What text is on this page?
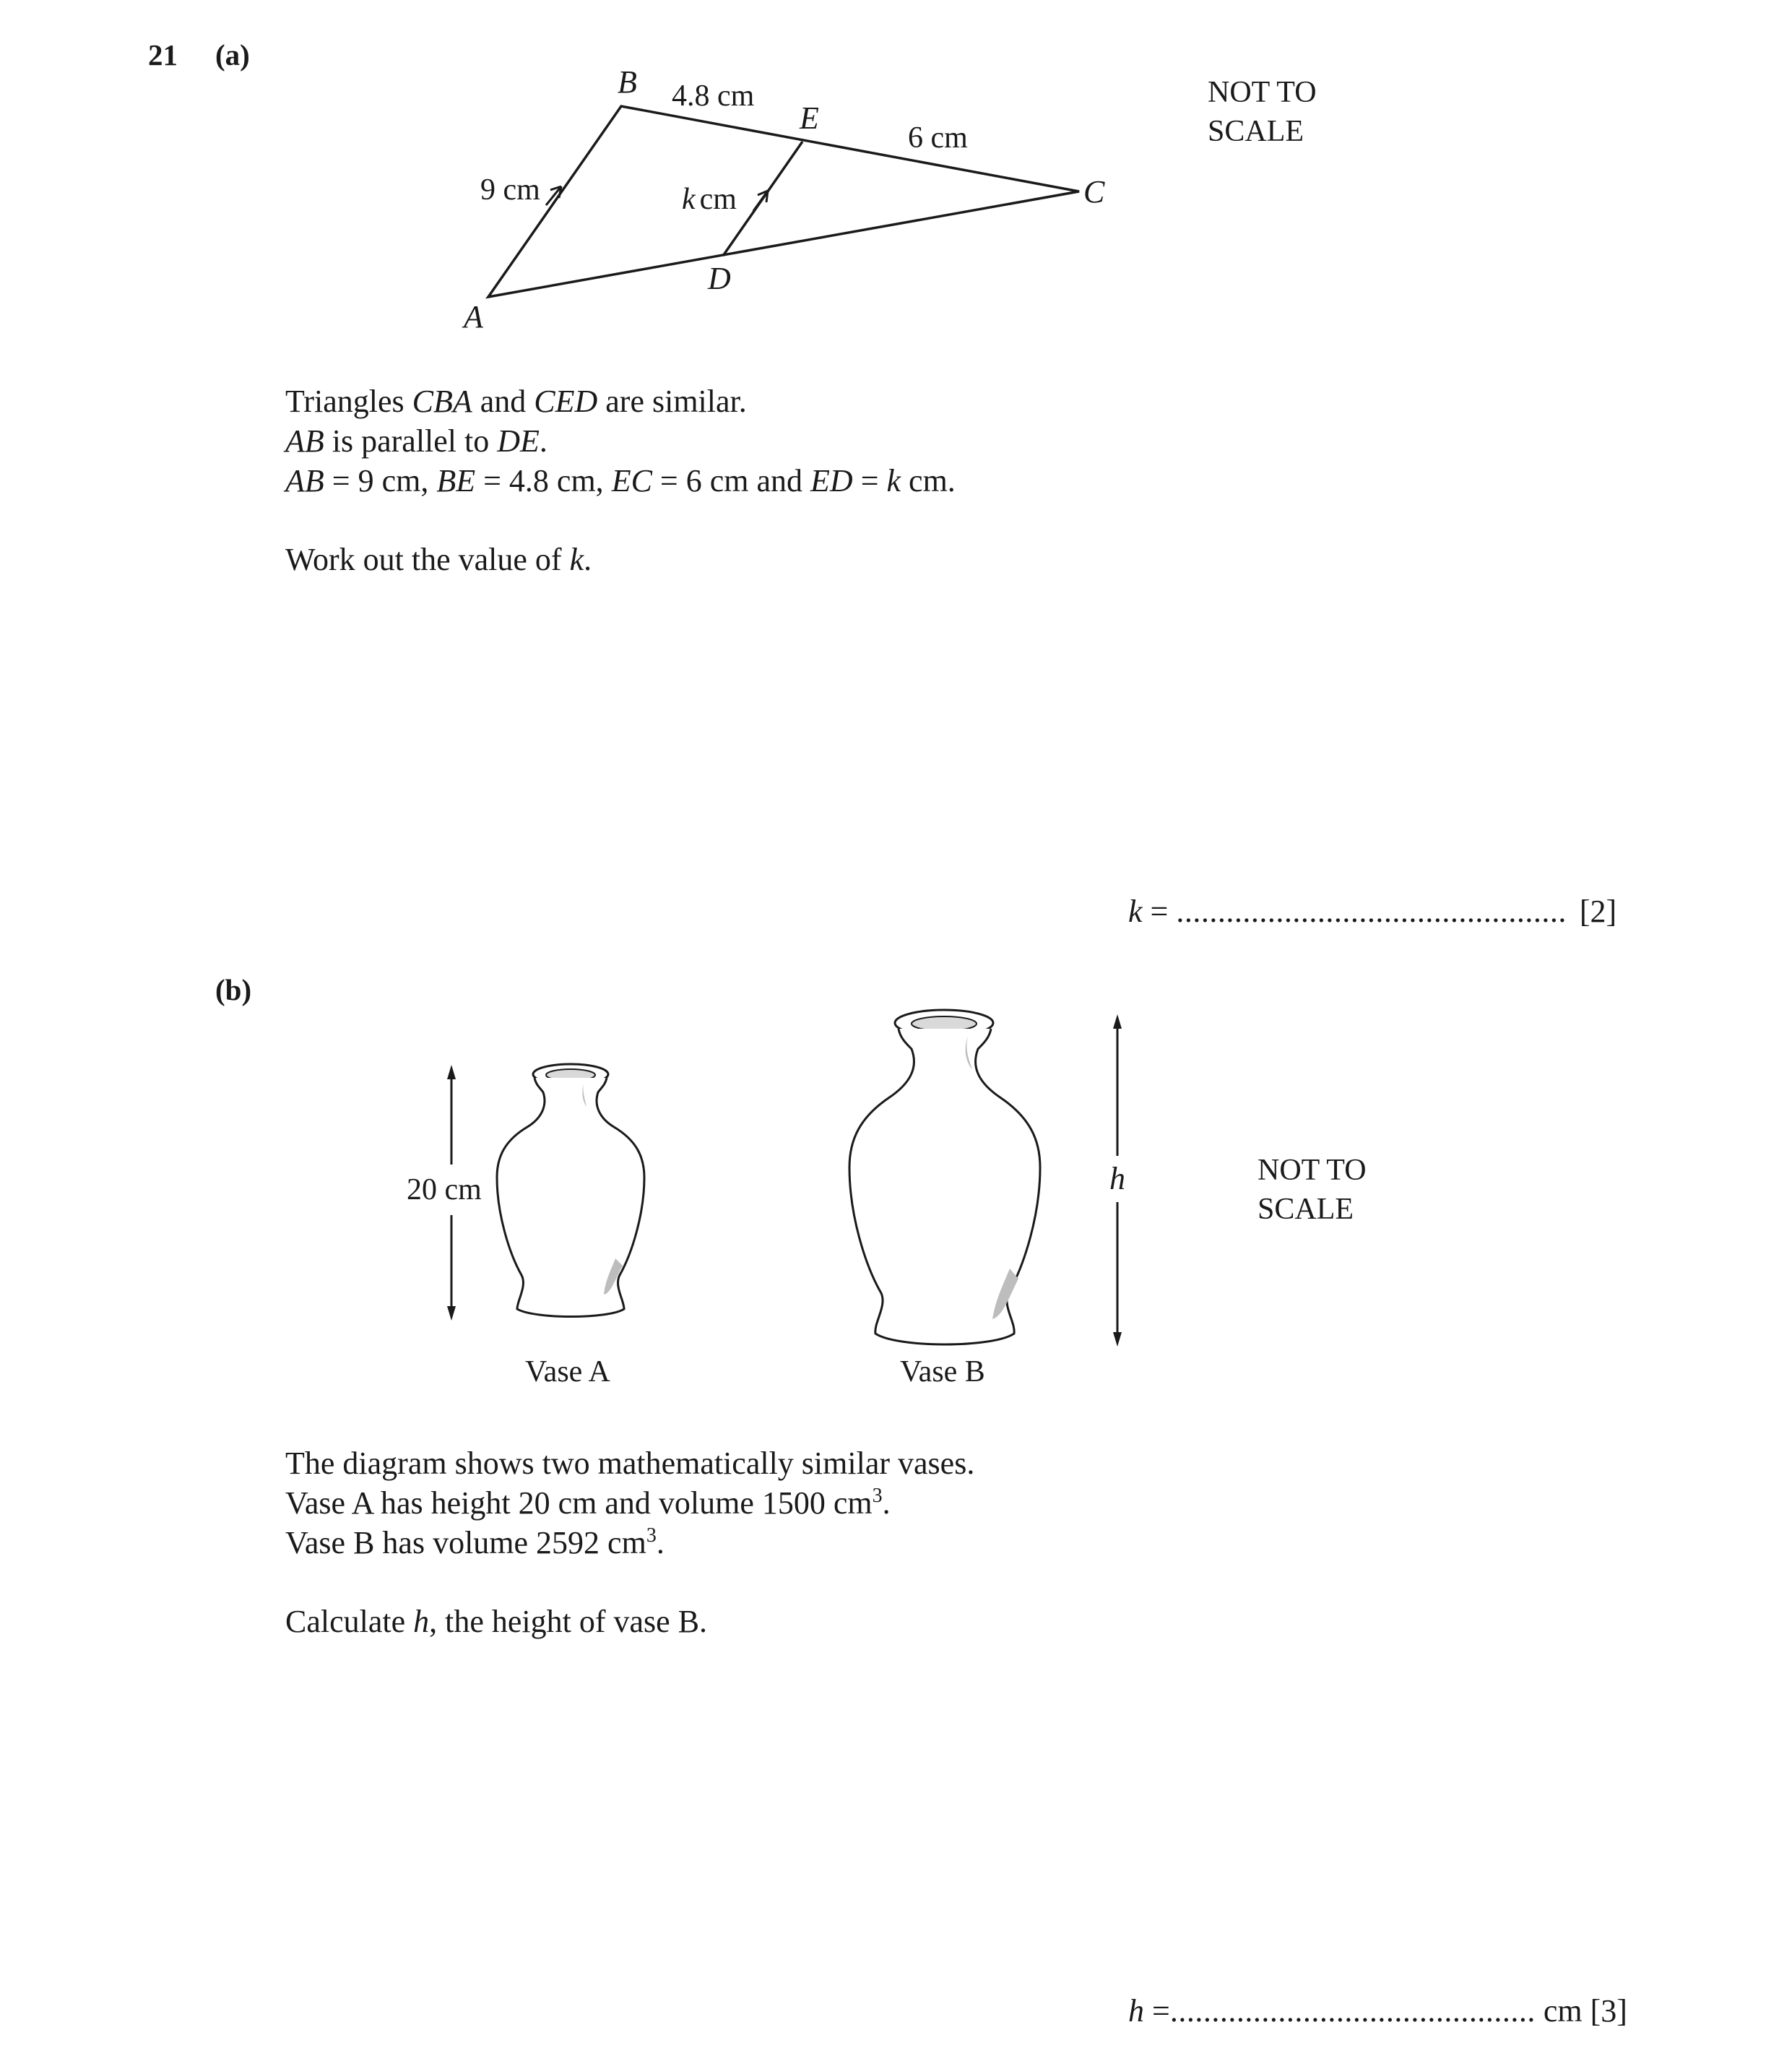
21 (a)
B
E
C
D
A
4.8 cm
6 cm
9 cm	k cm
NOT TO
SCALE
Triangles CBA and CED are similar.
AB is parallel to DE.
AB = 9 cm, BE = 4.8 cm, EC = 6 cm and ED = k cm.
Work out the value of k.
k = ............................................... [2]
(b)
20 cm
Vase A	Vase B
h	NOT TO
SCALE
The diagram shows two mathematically similar vases.
Vase A has height 20 cm and volume 1500 $cm^3$.
Vase B has volume 2592 $cm^3$.
Calculate h, the height of vase B.
h =............................................ cm [3]
